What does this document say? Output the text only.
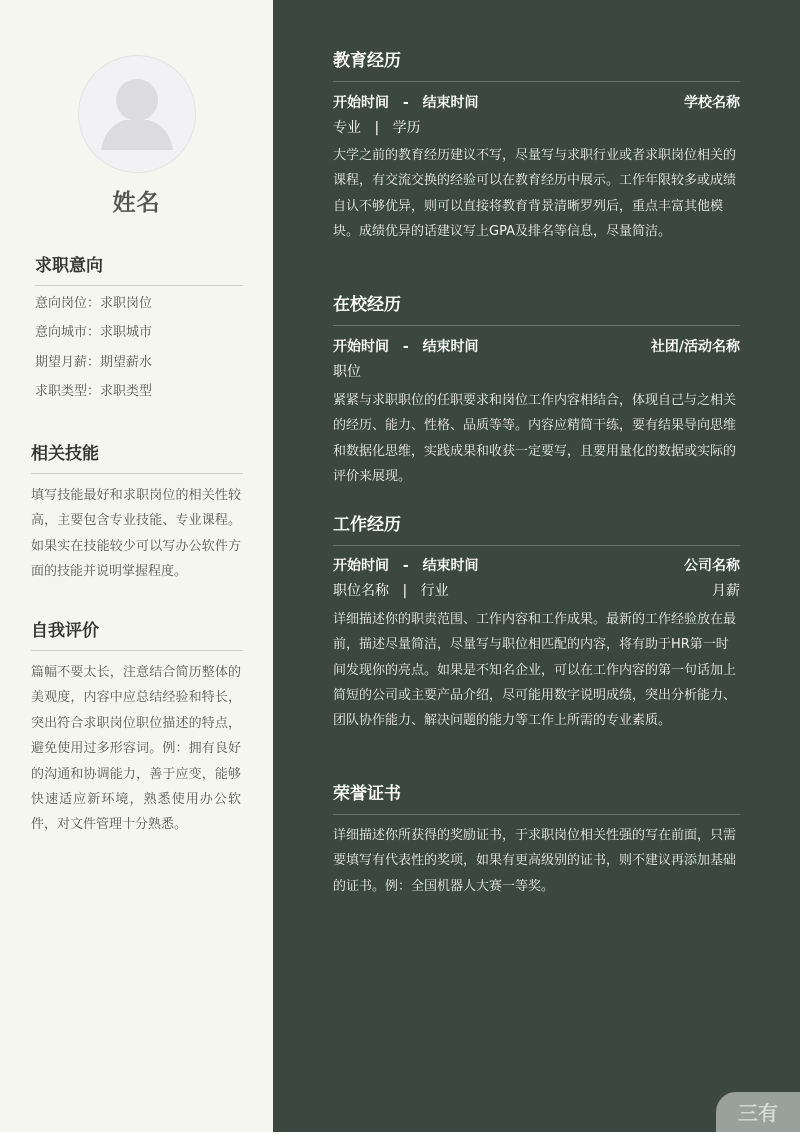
姓名
求职意向
意向岗位：求职岗位
意向城市：求职城市
期望月薪：期望薪水
求职类型：求职类型
相关技能
填写技能最好和求职岗位的相关性较高，主要包含专业技能、专业课程。如果实在技能较少可以写办公软件方面的技能并说明掌握程度。
自我评价
篇幅不要太长，注意结合简历整体的美观度，内容中应总结经验和特长，突出符合求职岗位职位描述的特点，避免使用过多形容词。例：拥有良好的沟通和协调能力，善于应变，能够快速适应新环境，熟悉使用办公软件，对文件管理十分熟悉。
教育经历
开始时间 - 结束时间	学校名称
专业 | 学历
大学之前的教育经历建议不写，尽量写与求职行业或者求职岗位相关的课程，有交流交换的经验可以在教育经历中展示。工作年限较多或成绩自认不够优异，则可以直接将教育背景清晰罗列后，重点丰富其他模块。成绩优异的话建议写上GPA及排名等信息，尽量简洁。
在校经历
开始时间 - 结束时间	社团/活动名称
职位
紧紧与求职职位的任职要求和岗位工作内容相结合，体现自己与之相关的经历、能力、性格、品质等等。内容应精简干练，要有结果导向思维和数据化思维，实践成果和收获一定要写，且要用量化的数据或实际的评价来展现。
工作经历
开始时间 - 结束时间	公司名称
职位名称 | 行业	月薪
详细描述你的职责范围、工作内容和工作成果。最新的工作经验放在最前，描述尽量简洁，尽量写与职位相匹配的内容，将有助于HR第一时间发现你的亮点。如果是不知名企业，可以在工作内容的第一句话加上简短的公司或主要产品介绍，尽可能用数字说明成绩，突出分析能力、团队协作能力、解决问题的能力等工作上所需的专业素质。
荣誉证书
详细描述你所获得的奖励证书，于求职岗位相关性强的写在前面，只需要填写有代表性的奖项，如果有更高级别的证书，则不建议再添加基础的证书。例：全国机器人大赛一等奖。
三有
